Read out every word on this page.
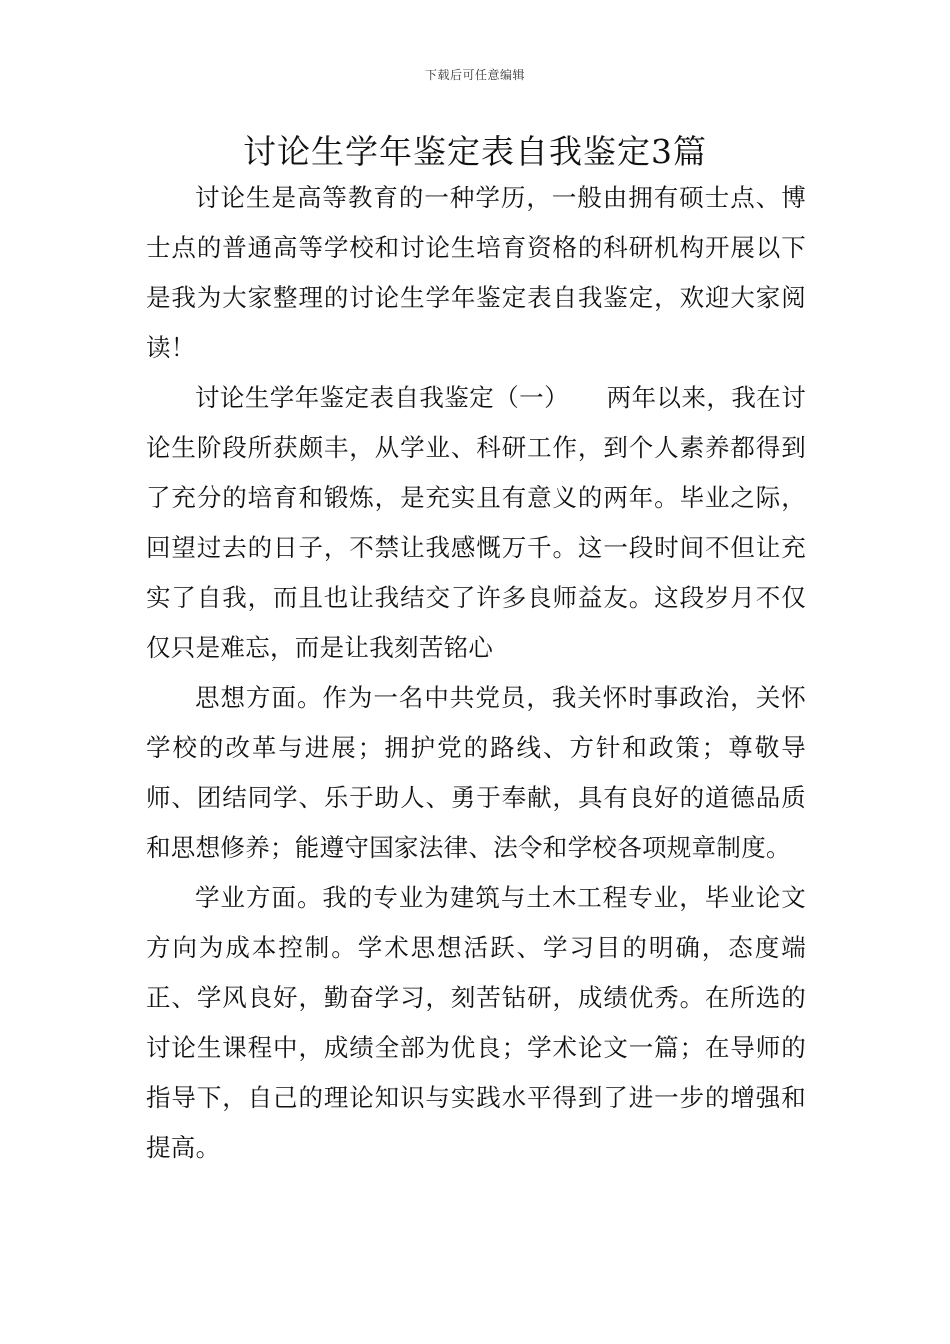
下载后可任意编辑
讨论生学年鉴定表自我鉴定3篇

讨论生是高等教育的一种学历，一般由拥有硕士点、博士点的普通高等学校和讨论生培育资格的科研机构开展以下是我为大家整理的讨论生学年鉴定表自我鉴定，欢迎大家阅读！

讨论生学年鉴定表自我鉴定（一）　　两年以来，我在讨论生阶段所获颇丰，从学业、科研工作，到个人素养都得到了充分的培育和锻炼，是充实且有意义的两年。毕业之际，回望过去的日子，不禁让我感慨万千。这一段时间不但让充实了自我，而且也让我结交了许多良师益友。这段岁月不仅仅只是难忘，而是让我刻苦铭心

思想方面。作为一名中共党员，我关怀时事政治，关怀学校的改革与进展；拥护党的路线、方针和政策；尊敬导师、团结同学、乐于助人、勇于奉献，具有良好的道德品质和思想修养；能遵守国家法律、法令和学校各项规章制度。

学业方面。我的专业为建筑与土木工程专业，毕业论文方向为成本控制。学术思想活跃、学习目的明确，态度端正、学风良好，勤奋学习，刻苦钻研，成绩优秀。在所选的讨论生课程中，成绩全部为优良；学术论文一篇；在导师的指导下，自己的理论知识与实践水平得到了进一步的增强和提高。
